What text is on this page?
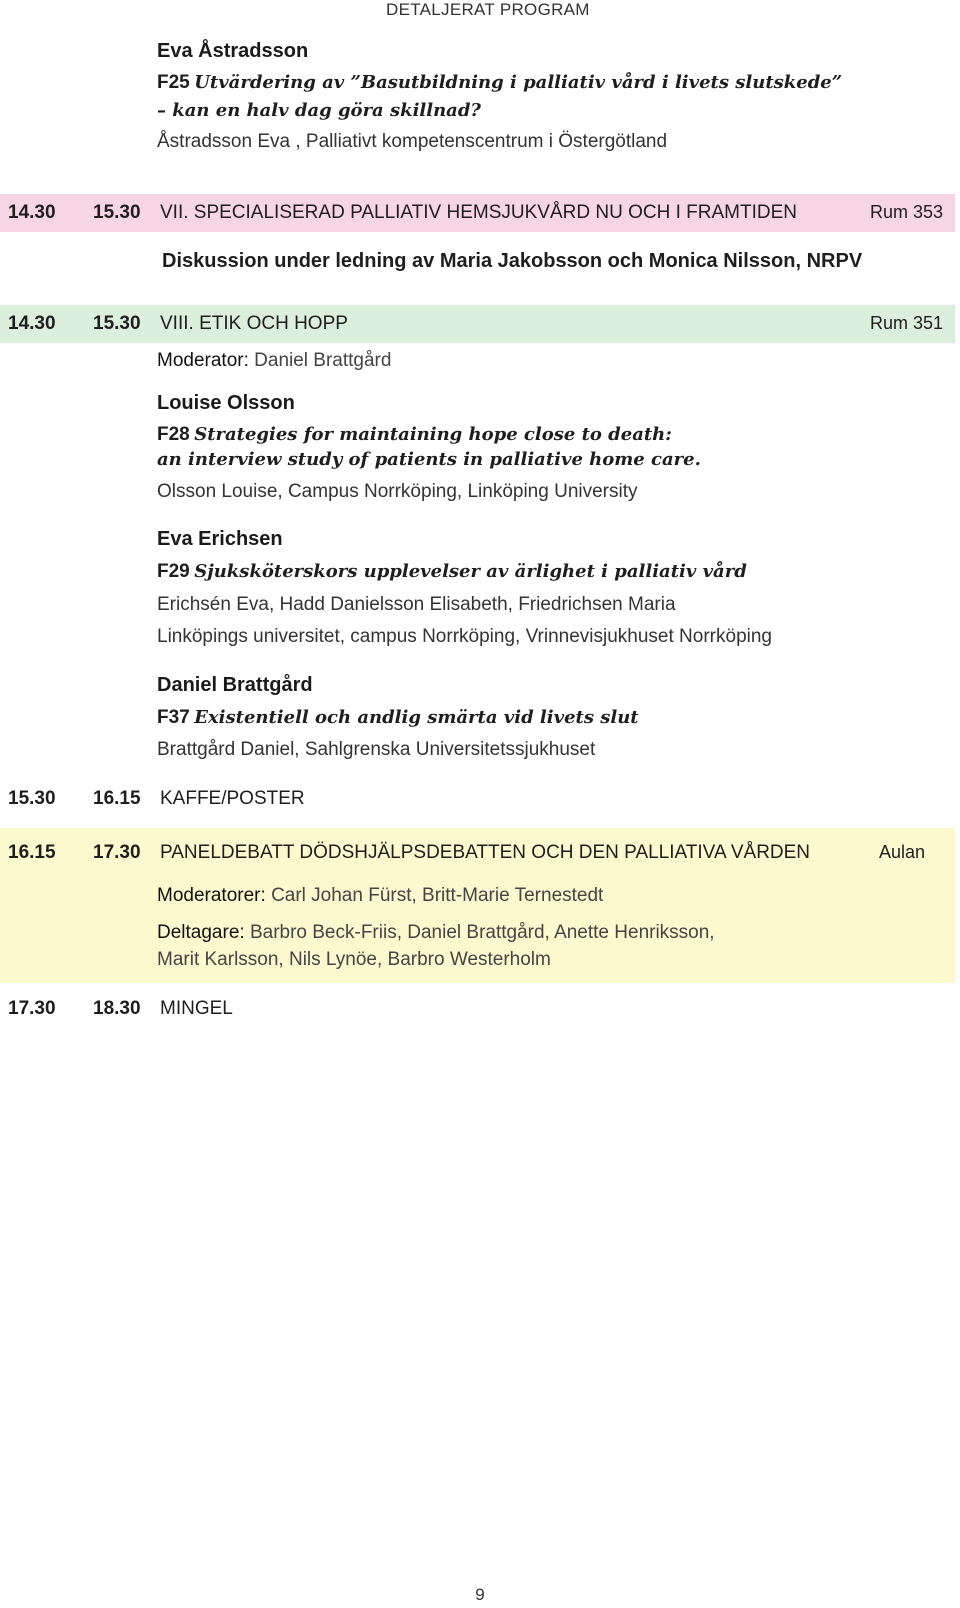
DETALJERAT PROGRAM
Eva Åstradsson
F25 Utvärdering av ”Basutbildning i palliativ vård i livets slutskede”
– kan en halv dag göra skillnad?
Åstradsson Eva , Palliativt kompetenscentrum i Östergötland
14.30 15.30 VII. SPECIALISERAD PALLIATIV HEMSJUKVÅRD NU OCH I FRAMTIDEN	Rum 353
Diskussion under ledning av Maria Jakobsson och Monica Nilsson, NRPV
14.30 15.30 VIII. ETIK OCH HOPP	Rum 351
Moderator: Daniel Brattgård
Louise Olsson
F28 Strategies for maintaining hope close to death:
an interview study of patients in palliative home care.
Olsson Louise, Campus Norrköping, Linköping University
Eva Erichsen
F29 Sjuksköterskors upplevelser av ärlighet i palliativ vård
Erichsén Eva, Hadd Danielsson Elisabeth, Friedrichsen Maria
Linköpings universitet, campus Norrköping, Vrinnevisjukhuset Norrköping
Daniel Brattgård
F37 Existentiell och andlig smärta vid livets slut
Brattgård Daniel, Sahlgrenska Universitetssjukhuset
15.30 16.15 KAFFE/POSTER
16.15 17.30 PANELDEBATT DÖDSHJÄLPSDEBATTEN OCH DEN PALLIATIVA VÅRDEN	Aulan
Moderatorer: Carl Johan Fürst, Britt-Marie Ternestedt
Deltagare: Barbro Beck-Friis, Daniel Brattgård, Anette Henriksson,
Marit Karlsson, Nils Lynöe, Barbro Westerholm
17.30 18.30 MINGEL
9
